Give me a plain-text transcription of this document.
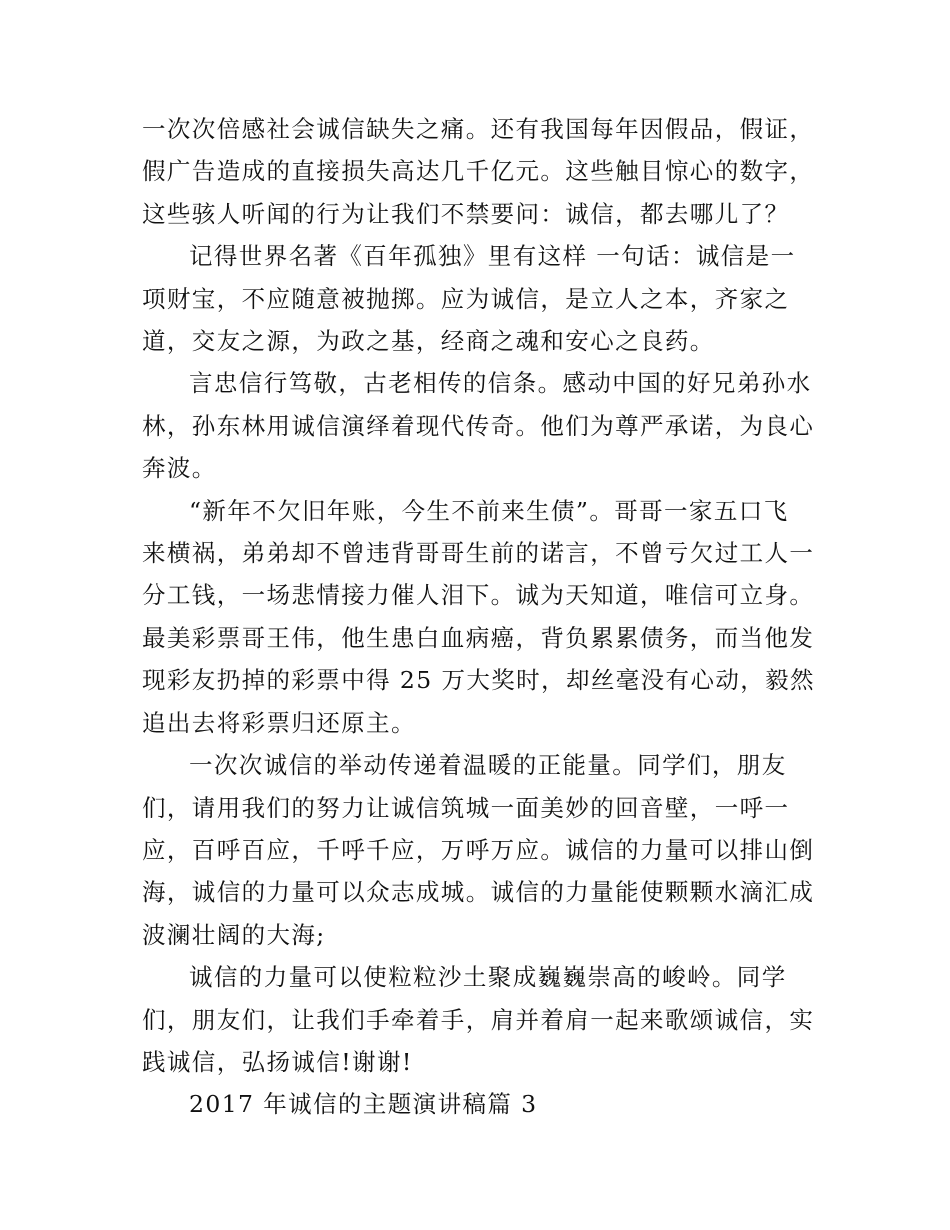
一次次倍感社会诚信缺失之痛。还有我国每年因假品，假证，
假广告造成的直接损失高达几千亿元。这些触目惊心的数字，
这些骇人听闻的行为让我们不禁要问：诚信，都去哪儿了？

记得世界名著《百年孤独》里有这样 一句话：诚信是一
项财宝，不应随意被抛掷。应为诚信，是立人之本，齐家之
道，交友之源，为政之基，经商之魂和安心之良药。

言忠信行笃敬，古老相传的信条。感动中国的好兄弟孙水
林，孙东林用诚信演绎着现代传奇。他们为尊严承诺，为良心
奔波。

“新年不欠旧年账，今生不前来生债”。哥哥一家五口飞
来横祸，弟弟却不曾违背哥哥生前的诺言，不曾亏欠过工人一
分工钱，一场悲情接力催人泪下。诚为天知道，唯信可立身。
最美彩票哥王伟，他生患白血病癌，背负累累债务，而当他发
现彩友扔掉的彩票中得 25 万大奖时，却丝毫没有心动，毅然
追出去将彩票归还原主。

一次次诚信的举动传递着温暖的正能量。同学们，朋友
们，请用我们的努力让诚信筑城一面美妙的回音壁，一呼一
应，百呼百应，千呼千应，万呼万应。诚信的力量可以排山倒
海，诚信的力量可以众志成城。诚信的力量能使颗颗水滴汇成
波澜壮阔的大海;

诚信的力量可以使粒粒沙土聚成巍巍崇高的峻岭。同学
们，朋友们，让我们手牵着手，肩并着肩一起来歌颂诚信，实
践诚信，弘扬诚信!谢谢!

2017 年诚信的主题演讲稿篇 3
